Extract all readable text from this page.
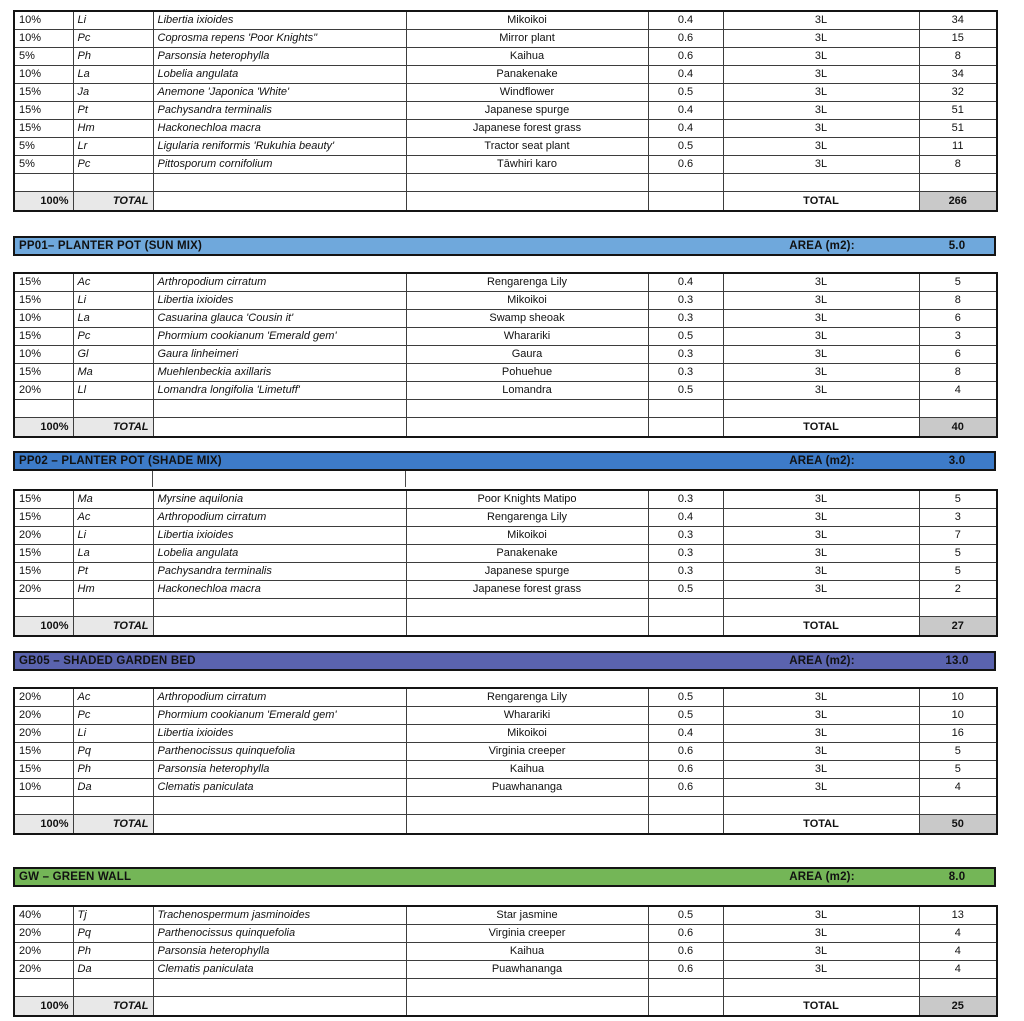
10%	Li	Libertia ixioides	Mikoikoi	0.4	3L	34
10%	Pc	Coprosma repens 'Poor Knights''	Mirror plant	0.6	3L	15
5%	Ph	Parsonsia heterophylla	Kaihua	0.6	3L	8
10%	La	Lobelia angulata	Panakenake	0.4	3L	34
15%	Ja	Anemone 'Japonica 'White'	Windflower	0.5	3L	32
15%	Pt	Pachysandra terminalis	Japanese spurge	0.4	3L	51
15%	Hm	Hackonechloa macra	Japanese forest grass	0.4	3L	51
5%	Lr	Ligularia reniformis 'Rukuhia beauty'	Tractor seat plant	0.5	3L	11
5%	Pc	Pittosporum cornifolium	Tāwhiri karo	0.6	3L	8

100%	TOTAL				TOTAL	266
PP01– PLANTER POT (SUN MIX)	AREA (m2):	5.0
15%	Ac	Arthropodium cirratum	Rengarenga Lily	0.4	3L	5
15%	Li	Libertia ixioides	Mikoikoi	0.3	3L	8
10%	La	Casuarina glauca 'Cousin it'	Swamp sheoak	0.3	3L	6
15%	Pc	Phormium cookianum 'Emerald gem'	Wharariki	0.5	3L	3
10%	Gl	Gaura linheimeri	Gaura	0.3	3L	6
15%	Ma	Muehlenbeckia axillaris	Pohuehue	0.3	3L	8
20%	Ll	Lomandra longifolia 'Limetuff'	Lomandra	0.5	3L	4

100%	TOTAL				TOTAL	40
PP02 – PLANTER POT (SHADE MIX)	AREA (m2):	3.0
15%	Ma	Myrsine aquilonia	Poor Knights Matipo	0.3	3L	5
15%	Ac	Arthropodium cirratum	Rengarenga Lily	0.4	3L	3
20%	Li	Libertia ixioides	Mikoikoi	0.3	3L	7
15%	La	Lobelia angulata	Panakenake	0.3	3L	5
15%	Pt	Pachysandra terminalis	Japanese spurge	0.3	3L	5
20%	Hm	Hackonechloa macra	Japanese forest grass	0.5	3L	2

100%	TOTAL				TOTAL	27
GB05 – SHADED GARDEN BED	AREA (m2):	13.0
20%	Ac	Arthropodium cirratum	Rengarenga Lily	0.5	3L	10
20%	Pc	Phormium cookianum 'Emerald gem'	Wharariki	0.5	3L	10
20%	Li	Libertia ixioides	Mikoikoi	0.4	3L	16
15%	Pq	Parthenocissus quinquefolia	Virginia creeper	0.6	3L	5
15%	Ph	Parsonsia heterophylla	Kaihua	0.6	3L	5
10%	Da	Clematis paniculata	Puawhananga	0.6	3L	4

100%	TOTAL				TOTAL	50
GW – GREEN WALL	AREA (m2):	8.0
40%	Tj	Trachenospermum jasminoides	Star jasmine	0.5	3L	13
20%	Pq	Parthenocissus quinquefolia	Virginia creeper	0.6	3L	4
20%	Ph	Parsonsia heterophylla	Kaihua	0.6	3L	4
20%	Da	Clematis paniculata	Puawhananga	0.6	3L	4

100%	TOTAL				TOTAL	25
